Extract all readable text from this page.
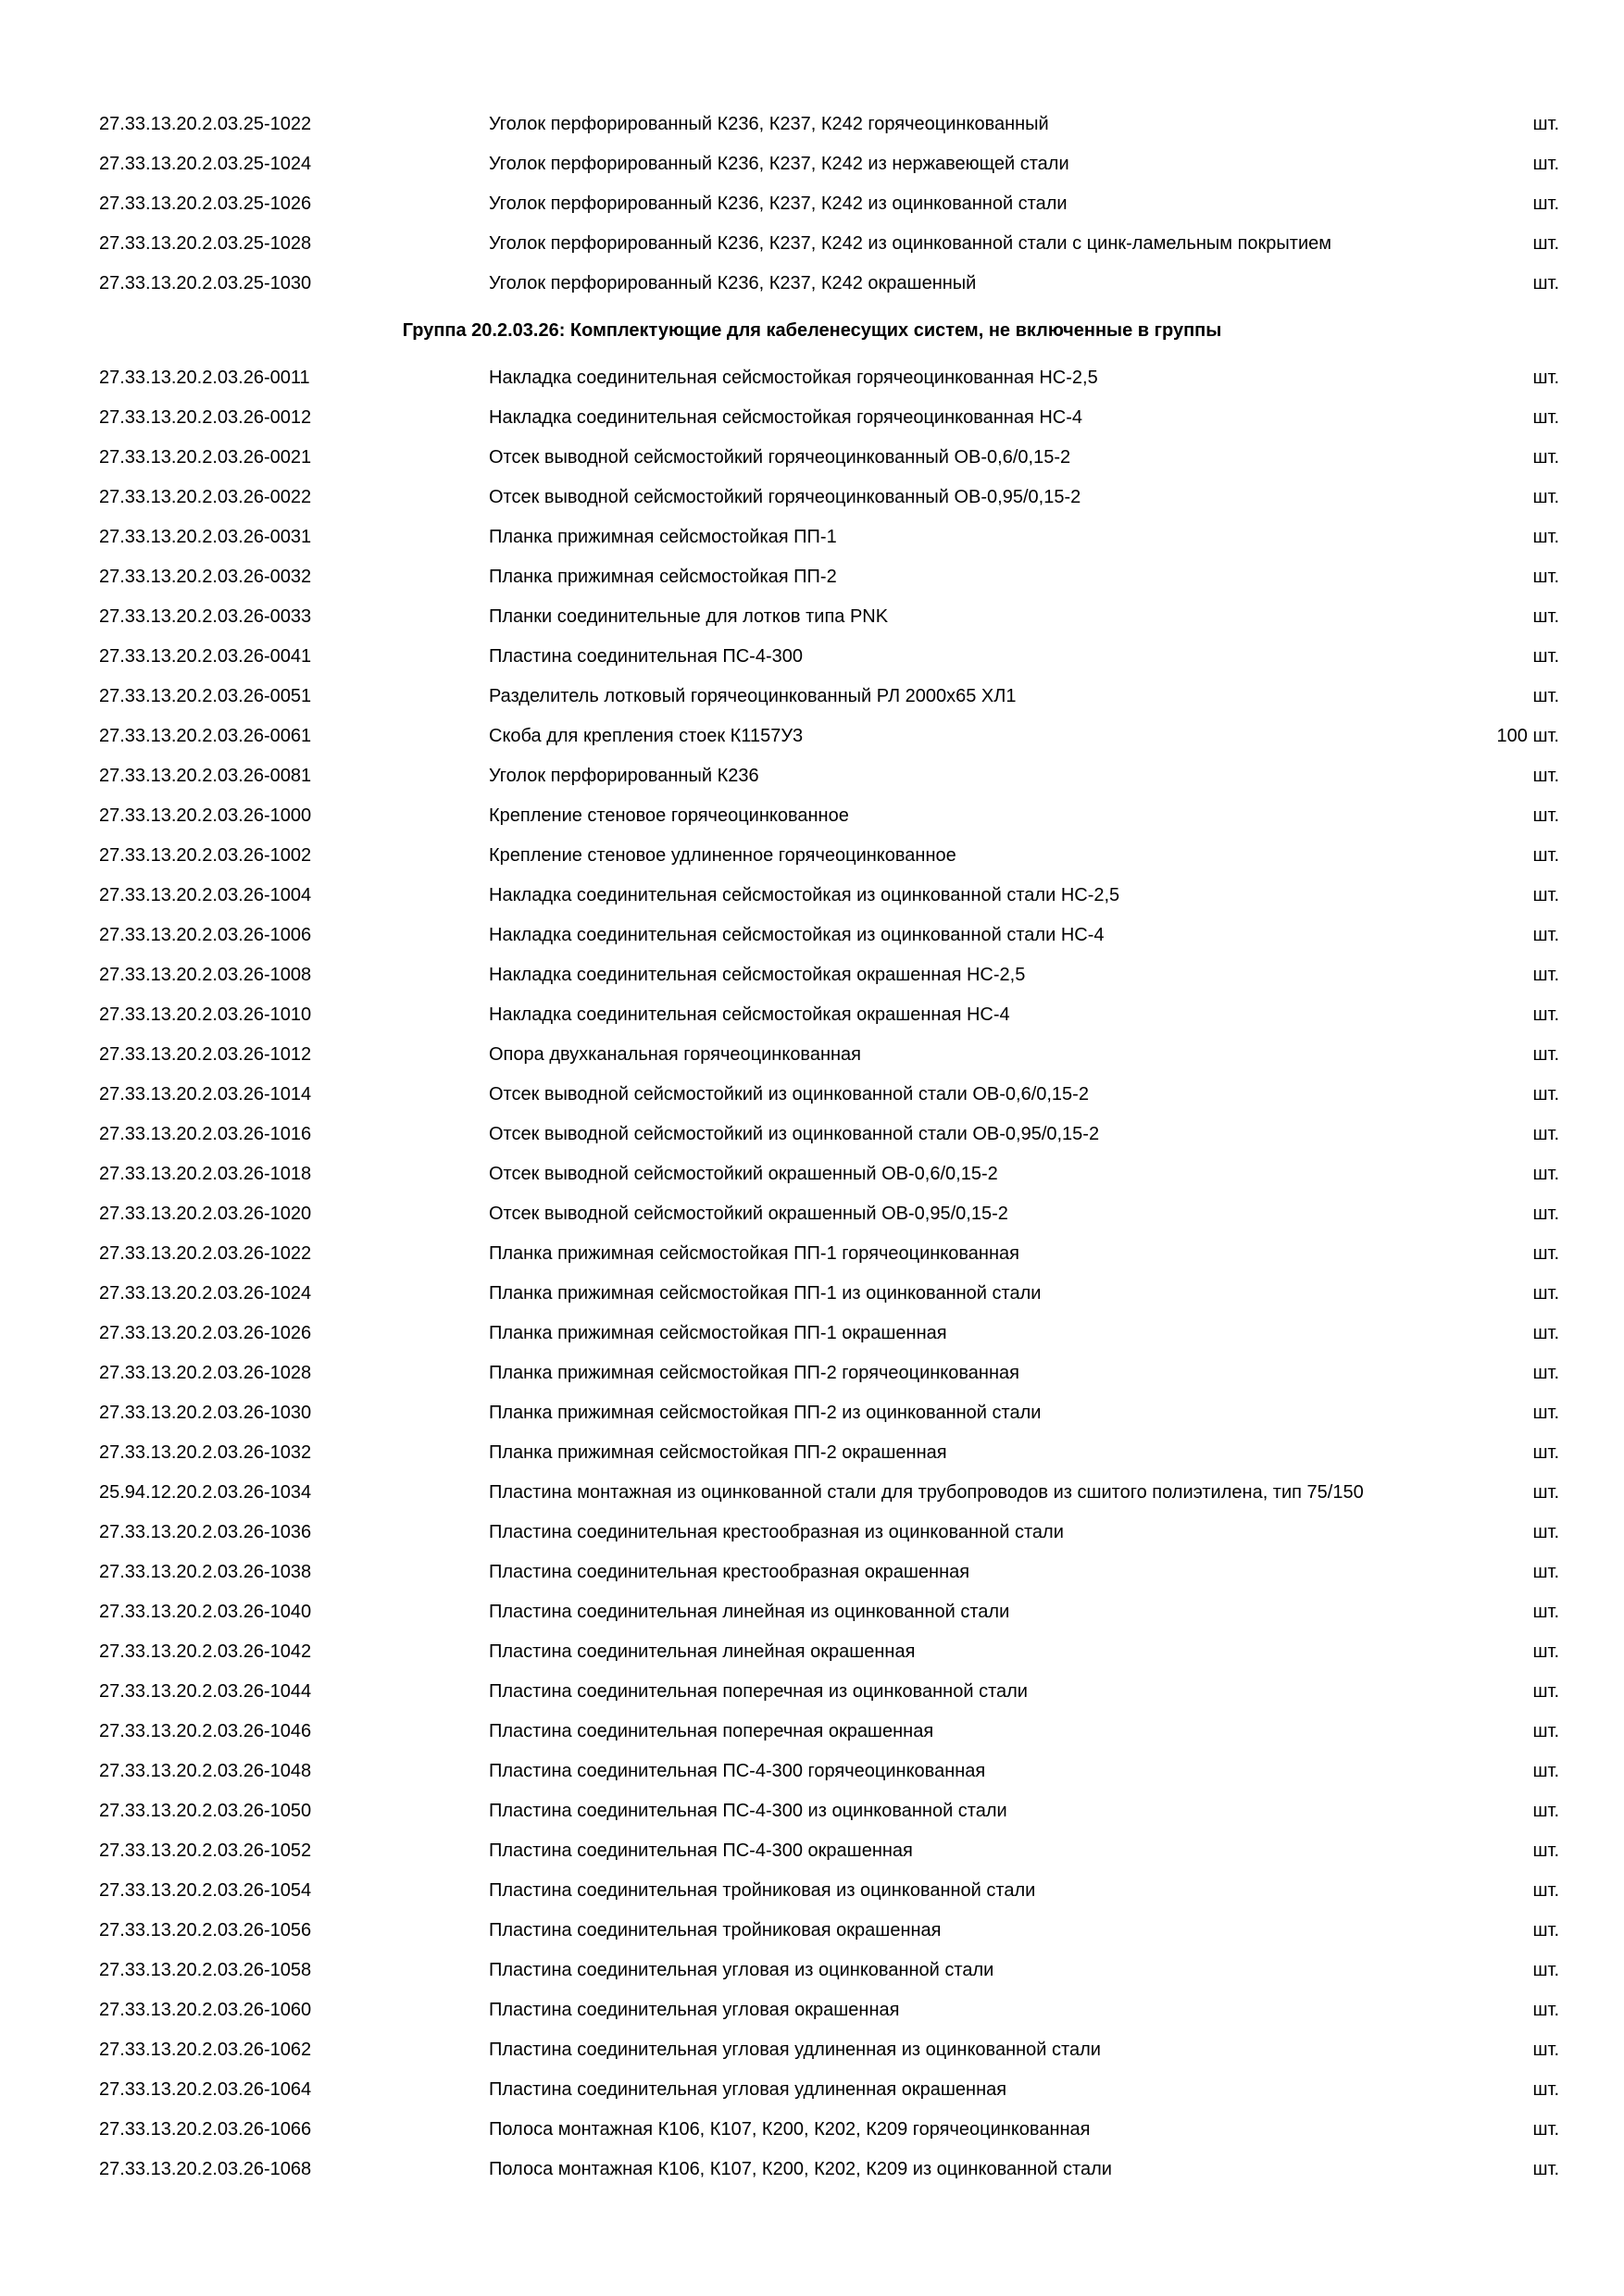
27.33.13.20.2.03.25-1022	Уголок перфорированный К236, К237, К242 горячеоцинкованный	шт.
27.33.13.20.2.03.25-1024	Уголок перфорированный К236, К237, К242 из нержавеющей стали	шт.
27.33.13.20.2.03.25-1026	Уголок перфорированный К236, К237, К242 из оцинкованной стали	шт.
27.33.13.20.2.03.25-1028	Уголок перфорированный К236, К237, К242 из оцинкованной стали с цинк-ламельным покрытием	шт.
27.33.13.20.2.03.25-1030	Уголок перфорированный К236, К237, К242 окрашенный	шт.
Группа 20.2.03.26: Комплектующие для кабеленесущих систем, не включенные в группы
27.33.13.20.2.03.26-0011	Накладка соединительная сейсмостойкая горячеоцинкованная НС-2,5	шт.
27.33.13.20.2.03.26-0012	Накладка соединительная сейсмостойкая горячеоцинкованная НС-4	шт.
27.33.13.20.2.03.26-0021	Отсек выводной сейсмостойкий горячеоцинкованный ОВ-0,6/0,15-2	шт.
27.33.13.20.2.03.26-0022	Отсек выводной сейсмостойкий горячеоцинкованный ОВ-0,95/0,15-2	шт.
27.33.13.20.2.03.26-0031	Планка прижимная сейсмостойкая ПП-1	шт.
27.33.13.20.2.03.26-0032	Планка прижимная сейсмостойкая ПП-2	шт.
27.33.13.20.2.03.26-0033	Планки соединительные для лотков типа PNK	шт.
27.33.13.20.2.03.26-0041	Пластина соединительная ПС-4-300	шт.
27.33.13.20.2.03.26-0051	Разделитель лотковый горячеоцинкованный РЛ 2000х65 ХЛ1	шт.
27.33.13.20.2.03.26-0061	Скоба для крепления стоек К1157У3	100 шт.
27.33.13.20.2.03.26-0081	Уголок перфорированный К236	шт.
27.33.13.20.2.03.26-1000	Крепление стеновое горячеоцинкованное	шт.
27.33.13.20.2.03.26-1002	Крепление стеновое удлиненное горячеоцинкованное	шт.
27.33.13.20.2.03.26-1004	Накладка соединительная сейсмостойкая из оцинкованной стали НС-2,5	шт.
27.33.13.20.2.03.26-1006	Накладка соединительная сейсмостойкая из оцинкованной стали НС-4	шт.
27.33.13.20.2.03.26-1008	Накладка соединительная сейсмостойкая окрашенная НС-2,5	шт.
27.33.13.20.2.03.26-1010	Накладка соединительная сейсмостойкая окрашенная НС-4	шт.
27.33.13.20.2.03.26-1012	Опора двухканальная горячеоцинкованная	шт.
27.33.13.20.2.03.26-1014	Отсек выводной сейсмостойкий из оцинкованной стали ОВ-0,6/0,15-2	шт.
27.33.13.20.2.03.26-1016	Отсек выводной сейсмостойкий из оцинкованной стали ОВ-0,95/0,15-2	шт.
27.33.13.20.2.03.26-1018	Отсек выводной сейсмостойкий окрашенный ОВ-0,6/0,15-2	шт.
27.33.13.20.2.03.26-1020	Отсек выводной сейсмостойкий окрашенный ОВ-0,95/0,15-2	шт.
27.33.13.20.2.03.26-1022	Планка прижимная сейсмостойкая ПП-1 горячеоцинкованная	шт.
27.33.13.20.2.03.26-1024	Планка прижимная сейсмостойкая ПП-1 из оцинкованной стали	шт.
27.33.13.20.2.03.26-1026	Планка прижимная сейсмостойкая ПП-1 окрашенная	шт.
27.33.13.20.2.03.26-1028	Планка прижимная сейсмостойкая ПП-2 горячеоцинкованная	шт.
27.33.13.20.2.03.26-1030	Планка прижимная сейсмостойкая ПП-2 из оцинкованной стали	шт.
27.33.13.20.2.03.26-1032	Планка прижимная сейсмостойкая ПП-2 окрашенная	шт.
25.94.12.20.2.03.26-1034	Пластина монтажная из оцинкованной стали для трубопроводов из сшитого полиэтилена, тип 75/150	шт.
27.33.13.20.2.03.26-1036	Пластина соединительная крестообразная из оцинкованной стали	шт.
27.33.13.20.2.03.26-1038	Пластина соединительная крестообразная окрашенная	шт.
27.33.13.20.2.03.26-1040	Пластина соединительная линейная из оцинкованной стали	шт.
27.33.13.20.2.03.26-1042	Пластина соединительная линейная окрашенная	шт.
27.33.13.20.2.03.26-1044	Пластина соединительная поперечная из оцинкованной стали	шт.
27.33.13.20.2.03.26-1046	Пластина соединительная поперечная окрашенная	шт.
27.33.13.20.2.03.26-1048	Пластина соединительная ПС-4-300 горячеоцинкованная	шт.
27.33.13.20.2.03.26-1050	Пластина соединительная ПС-4-300 из оцинкованной стали	шт.
27.33.13.20.2.03.26-1052	Пластина соединительная ПС-4-300 окрашенная	шт.
27.33.13.20.2.03.26-1054	Пластина соединительная тройниковая из оцинкованной стали	шт.
27.33.13.20.2.03.26-1056	Пластина соединительная тройниковая окрашенная	шт.
27.33.13.20.2.03.26-1058	Пластина соединительная угловая из оцинкованной стали	шт.
27.33.13.20.2.03.26-1060	Пластина соединительная угловая окрашенная	шт.
27.33.13.20.2.03.26-1062	Пластина соединительная угловая удлиненная из оцинкованной стали	шт.
27.33.13.20.2.03.26-1064	Пластина соединительная угловая удлиненная окрашенная	шт.
27.33.13.20.2.03.26-1066	Полоса монтажная К106, К107, К200, К202, К209 горячеоцинкованная	шт.
27.33.13.20.2.03.26-1068	Полоса монтажная К106, К107, К200, К202, К209 из оцинкованной стали	шт.
